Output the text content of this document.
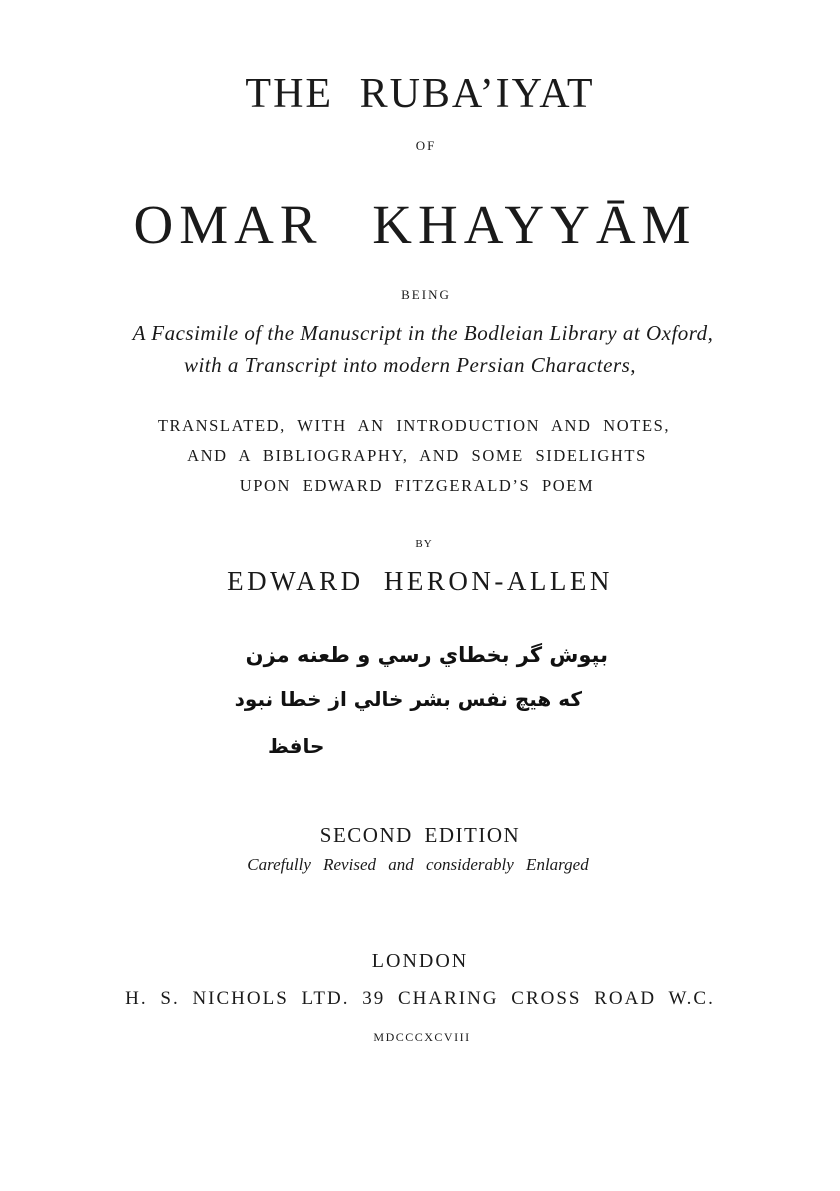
THE RUBA’IYAT
OF
OMAR KHAYYĀM
BEING
A Facsimile of the Manuscript in the Bodleian Library at Oxford,
with a Transcript into modern Persian Characters,
TRANSLATED, WITH AN INTRODUCTION AND NOTES,
AND A BIBLIOGRAPHY, AND SOME SIDELIGHTS
UPON EDWARD FITZGERALD’S POEM
BY
EDWARD HERON-ALLEN
بپوش گر بخطاي رسي و طعنه مزن
که هيچ نفس بشر خالي از خطا نبود
حافظ
SECOND EDITION
Carefully Revised and considerably Enlarged
LONDON
H. S. NICHOLS LTD. 39 CHARING CROSS ROAD W.C.
MDCCCXCVIII
